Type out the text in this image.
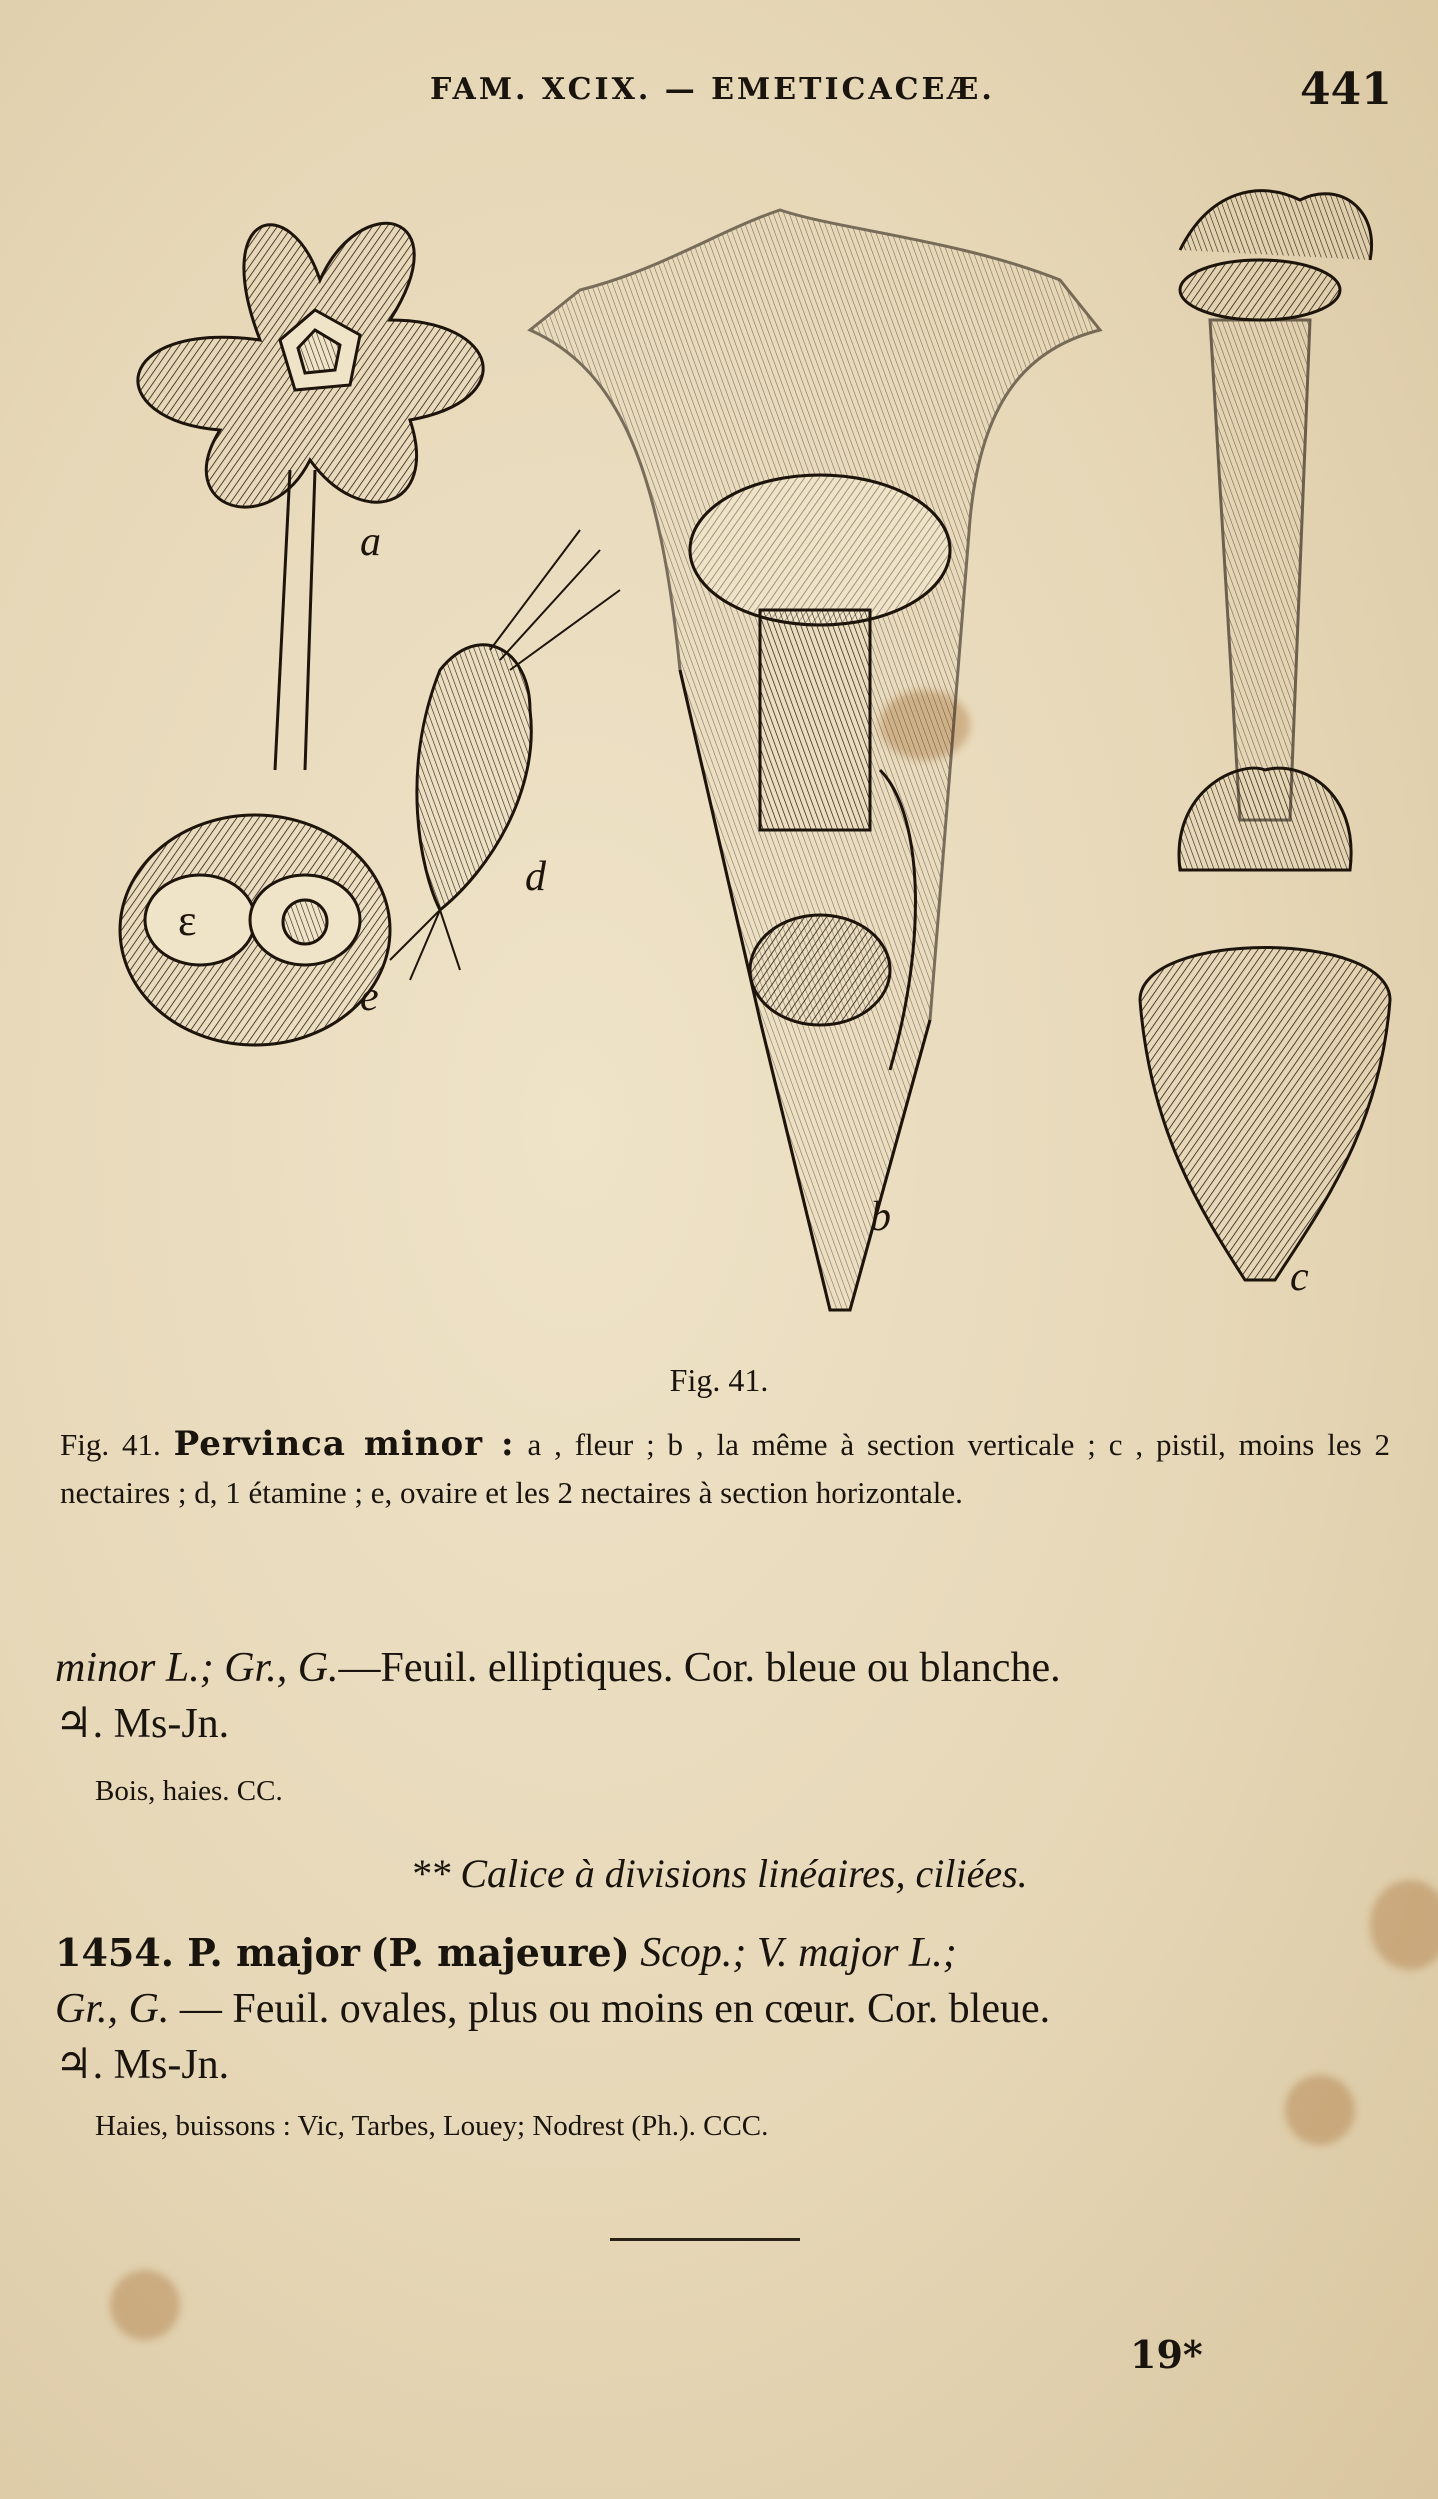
FAM. XCIX. — EMETICACEÆ.	441
ε
a
d
e
b
c
Fig. 41.
Fig. 41. Pervinca minor : a , fleur ; b , la même à section verticale ; c , pistil, moins les 2 nectaires ; d, 1 étamine ; e, ovaire et les 2 nectaires à section horizontale.
minor L.; Gr., G.—Feuil. elliptiques. Cor. bleue ou blanche.
♃. Ms-Jn.
Bois, haies. CC.
** Calice à divisions linéaires, ciliées.
1454. P. major (P. majeure) Scop.; V. major L.;
Gr., G. — Feuil. ovales, plus ou moins en cœur. Cor. bleue.
♃. Ms-Jn.
Haies, buissons : Vic, Tarbes, Louey; Nodrest (Ph.). CCC.
19*
